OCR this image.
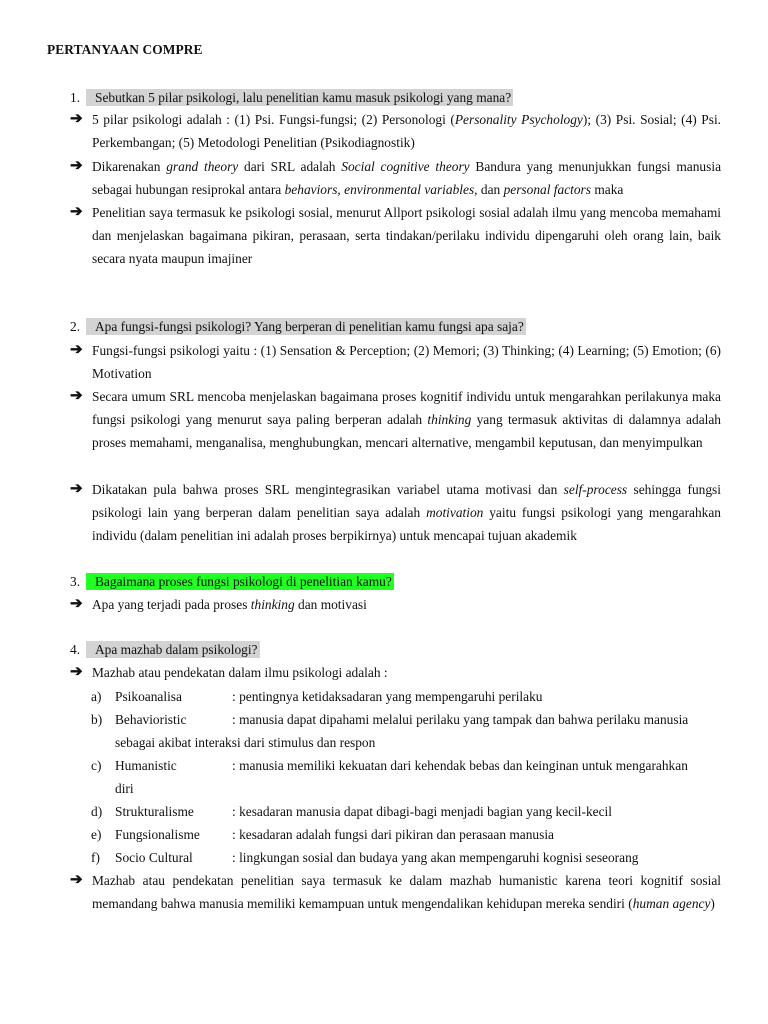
PERTANYAAN COMPRE
1. Sebutkan 5 pilar psikologi, lalu penelitian kamu masuk psikologi yang mana?
➔ 5 pilar psikologi adalah : (1) Psi. Fungsi-fungsi; (2) Personologi (Personality Psychology); (3) Psi. Sosial; (4) Psi. Perkembangan; (5) Metodologi Penelitian (Psikodiagnostik)

➔ Dikarenakan grand theory dari SRL adalah Social cognitive theory Bandura yang menunjukkan fungsi manusia sebagai hubungan resiprokal antara behaviors, environmental variables, dan personal factors maka

➔ Penelitian saya termasuk ke psikologi sosial, menurut Allport psikologi sosial adalah ilmu yang mencoba memahami dan menjelaskan bagaimana pikiran, perasaan, serta tindakan/perilaku individu dipengaruhi oleh orang lain, baik secara nyata maupun imajiner

2. Apa fungsi-fungsi psikologi? Yang berperan di penelitian kamu fungsi apa saja?
➔ Fungsi-fungsi psikologi yaitu : (1) Sensation & Perception; (2) Memori; (3) Thinking; (4) Learning; (5) Emotion; (6) Motivation

➔ Secara umum SRL mencoba menjelaskan bagaimana proses kognitif individu untuk mengarahkan perilakunya maka fungsi psikologi yang menurut saya paling berperan adalah thinking yang termasuk aktivitas di dalamnya adalah proses memahami, menganalisa, menghubungkan, mencari alternative, mengambil keputusan, dan menyimpulkan

➔ Dikatakan pula bahwa proses SRL mengintegrasikan variabel utama motivasi dan self-process sehingga fungsi psikologi lain yang berperan dalam penelitian saya adalah motivation yaitu fungsi psikologi yang mengarahkan individu (dalam penelitian ini adalah proses berpikirnya) untuk mencapai tujuan akademik

3. Bagaimana proses fungsi psikologi di penelitian kamu?
➔ Apa yang terjadi pada proses thinking dan motivasi

4. Apa mazhab dalam psikologi?
➔ Mazhab atau pendekatan dalam ilmu psikologi adalah :

a) Psikoanalisa	: pentingnya ketidaksadaran yang mempengaruhi perilaku

b) Behavioristic	: manusia dapat dipahami melalui perilaku yang tampak dan bahwa perilaku manusia

sebagai akibat interaksi dari stimulus dan respon

c) Humanistic	: manusia memiliki kekuatan dari kehendak bebas dan keinginan untuk mengarahkan

diri

d) Strukturalisme	: kesadaran manusia dapat dibagi-bagi menjadi bagian yang kecil-kecil

e) Fungsionalisme : kesadaran adalah fungsi dari pikiran dan perasaan manusia

f) Socio Cultural	: lingkungan sosial dan budaya yang akan mempengaruhi kognisi seseorang

➔ Mazhab atau pendekatan penelitian saya termasuk ke dalam mazhab humanistic karena teori kognitif sosial memandang bahwa manusia memiliki kemampuan untuk mengendalikan kehidupan mereka sendiri (human agency)
